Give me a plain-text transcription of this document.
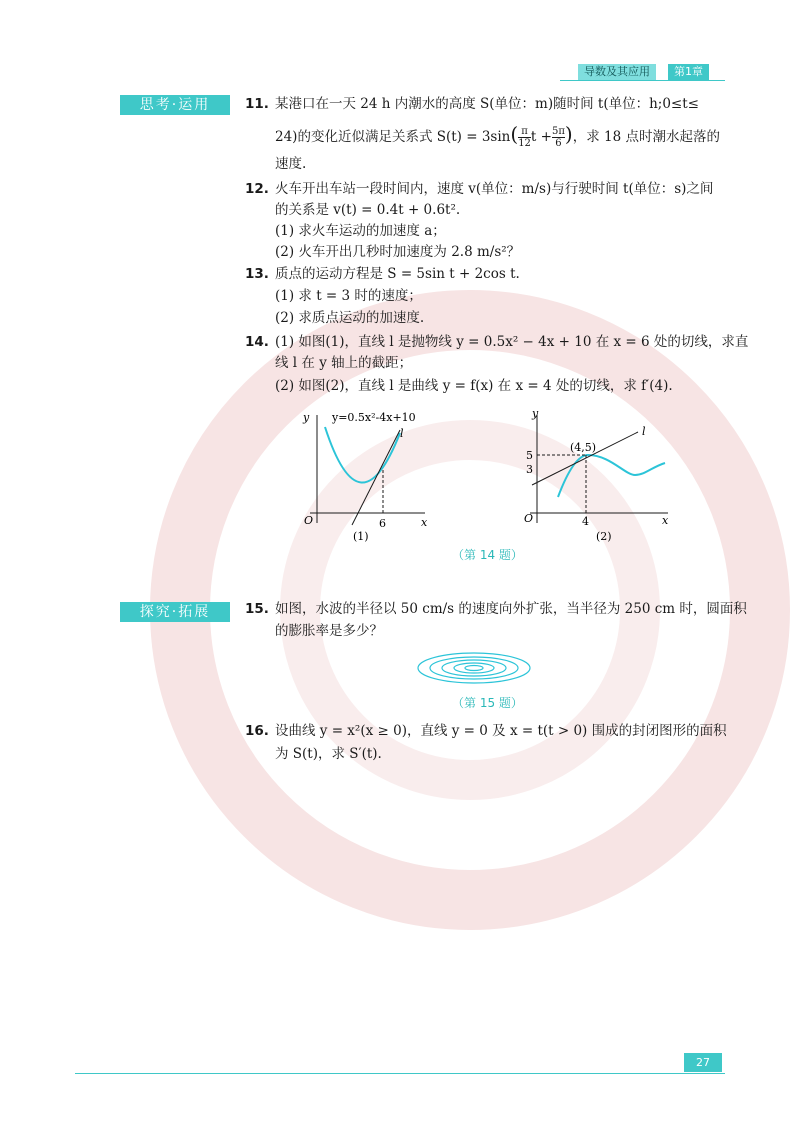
导数及其应用	第1章
思考·运用	11. 某港口在一天 24 h 内潮水的高度 S(单位：m)随时间 t(单位：h;0≤t≤
24)的变化近似满足关系式 $S(t) = 3\sin( \frac{\pi}{12}$ $t + \frac{5\pi}{6}$ )，求 18 点时潮水起落的
速度.
12. 火车开出车站一段时间内，速度 v(单位：m/s)与行驶时间 t(单位：s)之间
的关系是 v(t) = 0.4t + 0.6t².
(1) 求火车运动的加速度 a；
(2) 火车开出几秒时加速度为 2.8 m/s²？
13. 质点的运动方程是 S = 5sin t + 2cos t.
(1) 求 t = 3 时的速度；
(2) 求质点运动的加速度.
14. (1) 如图(1)，直线 l 是抛物线 y = 0.5x² − 4x + 10 在 x = 6 处的切线，求直
线 l 在 y 轴上的截距；
(2) 如图(2)，直线 l 是曲线 y = f(x) 在 x = 4 处的切线，求 f′(4).
y
x
O
y=0.5x²-4x+10
l
6
(1)
y
x
O
(4,5)
l
5
3
4
(2)
（第 14 题）
探究·拓展	15. 如图，水波的半径以 50 cm/s 的速度向外扩张，当半径为 250 cm 时，圆面积
的膨胀率是多少？
（第 15 题）
16. 设曲线 y = x²(x ≥ 0)，直线 y = 0 及 x = t(t > 0) 围成的封闭图形的面积
为 S(t)，求 S′(t).
27
